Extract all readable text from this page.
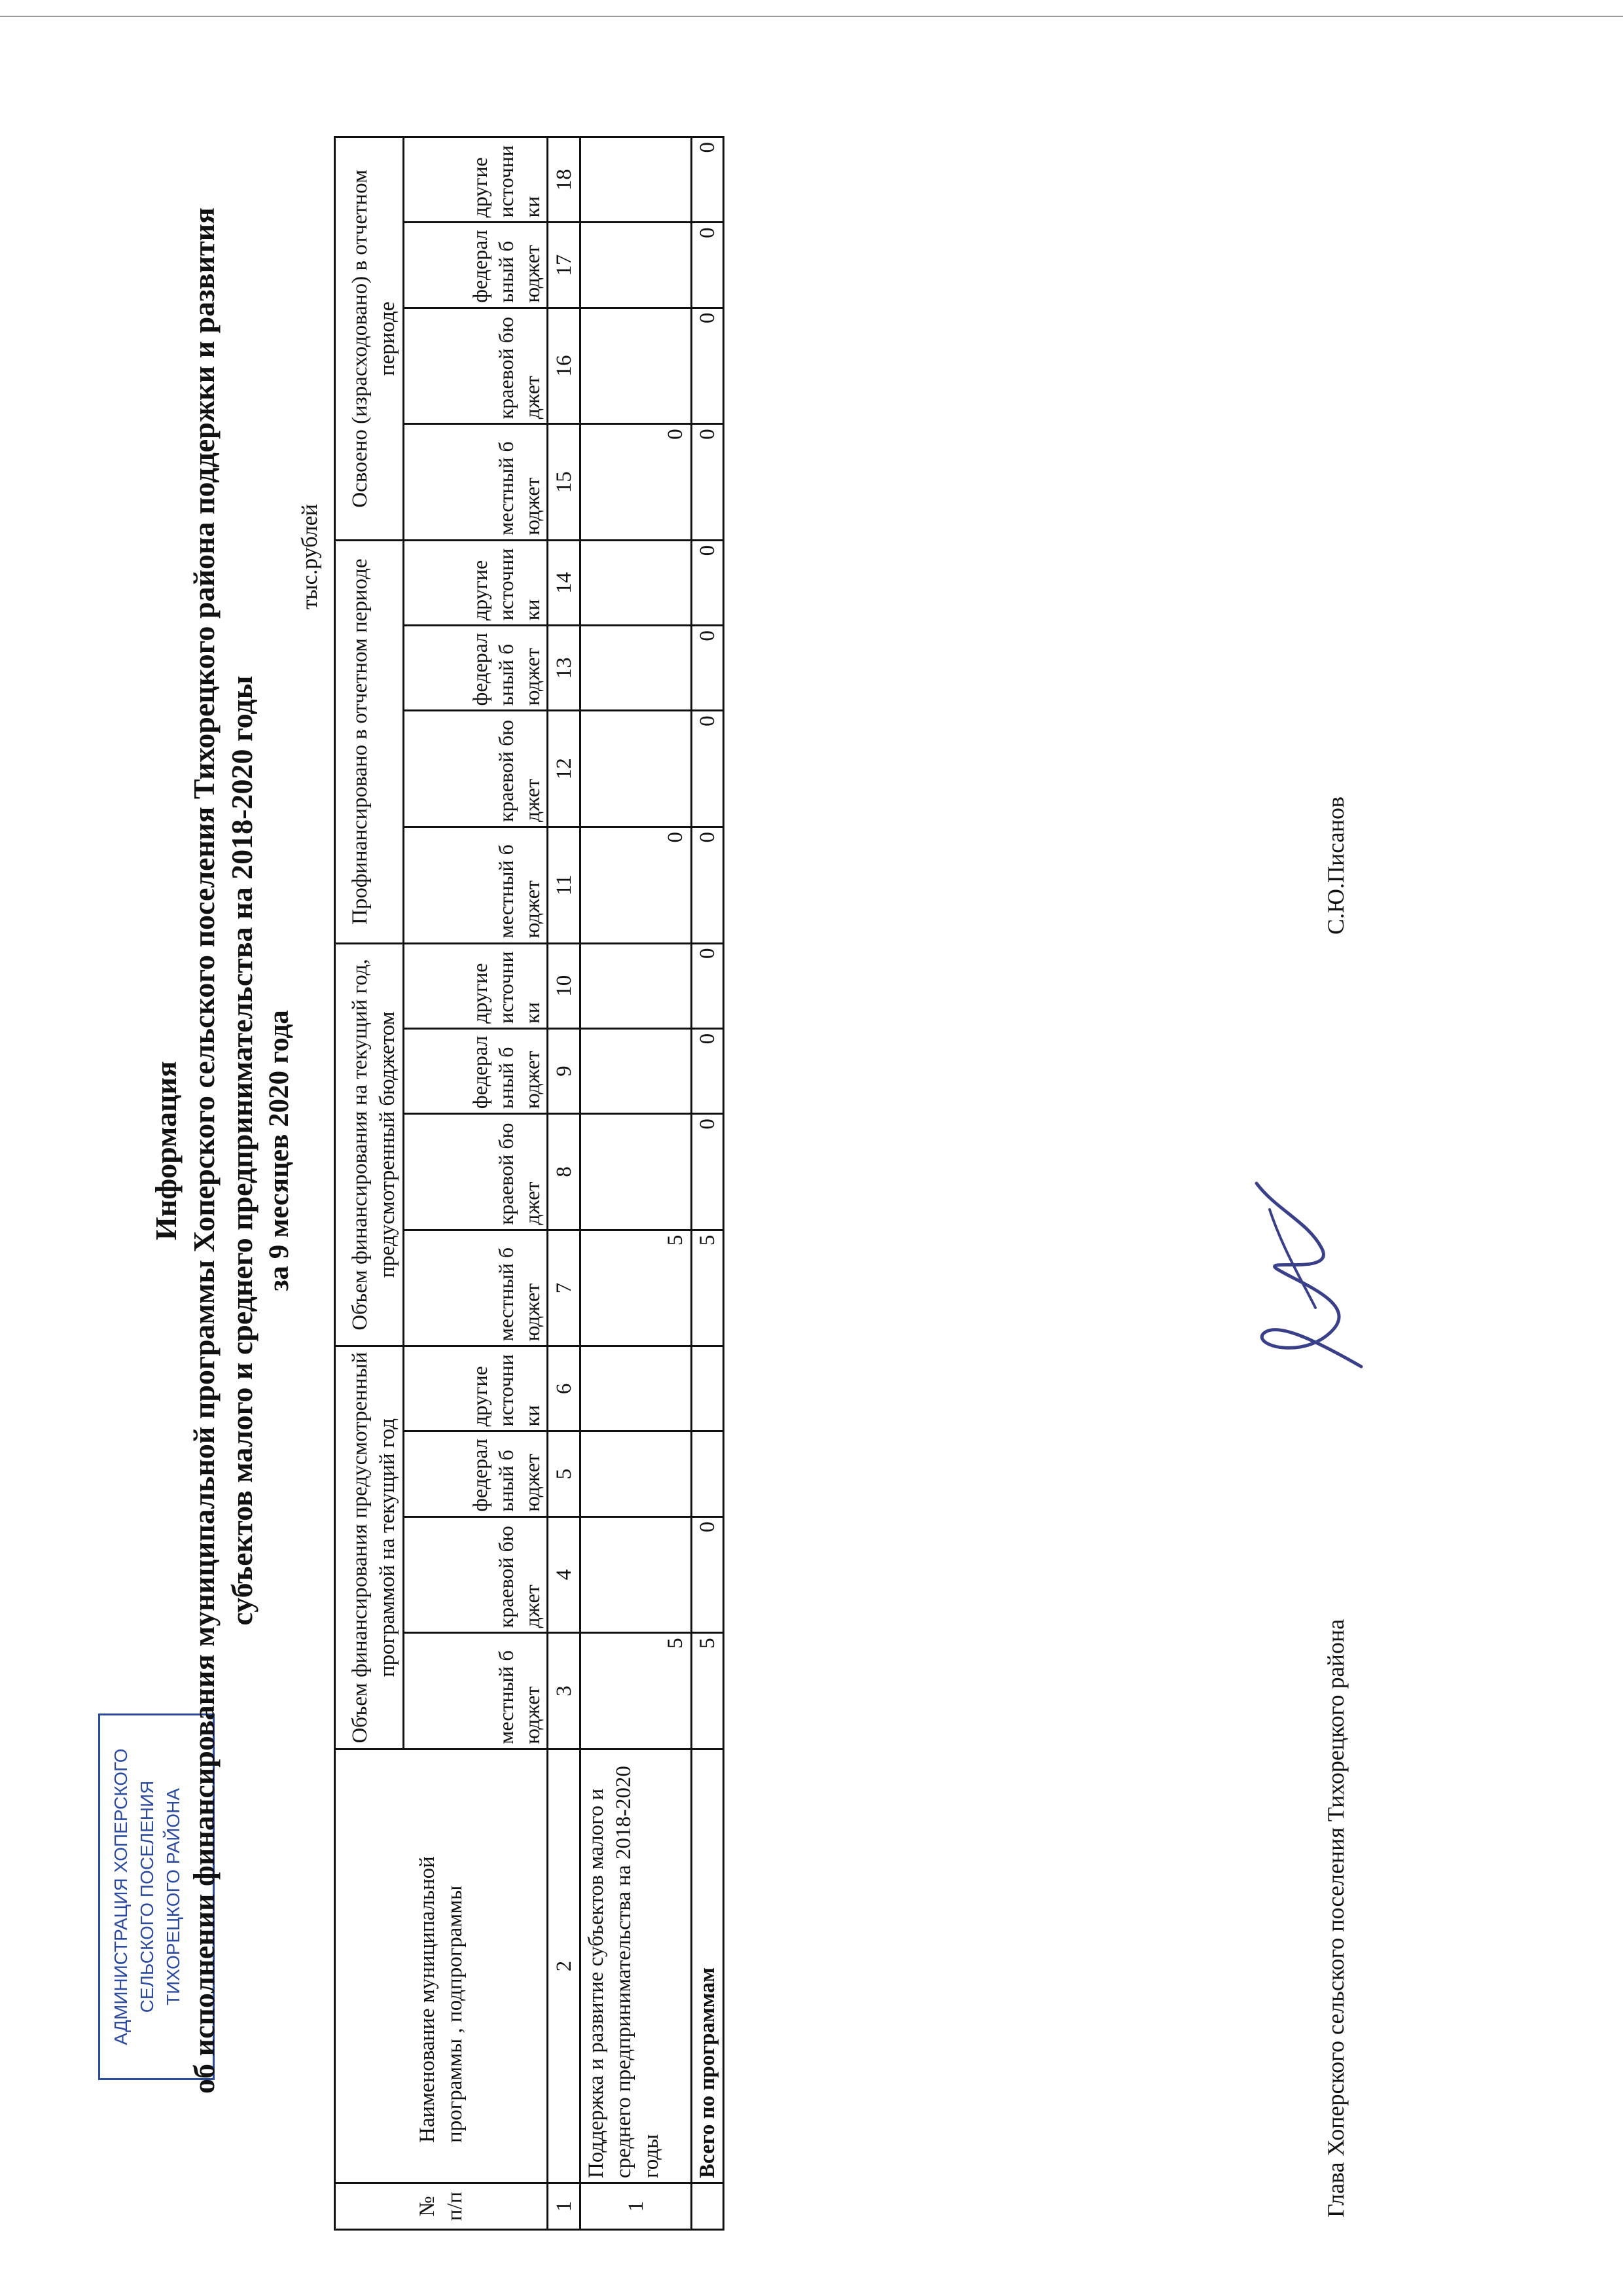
АДМИНИСТРАЦИЯ ХОПЕРСКОГО СЕЛЬСКОГО ПОСЕЛЕНИЯ ТИХОРЕЦКОГО РАЙОНА
Информация об исполнении финансирования муниципальной программы Хоперского сельского поселения Тихорецкого района поддержки и развития субъектов малого и среднего предпринимательства на 2018-2020 годы за 9 месяцев 2020 года
тыс.рублей
№ п/п	Наименование муниципальной программы , подпрограммы	Объем финансирования предусмотренный программой на текущий год				Объем финансирования на текущий год, предусмотренный бюджетом				Профинансировано в отчетном периоде				Освоено (израсходовано) в отчетном периоде			
		местный бюджет	краевой бюджет	федеральный бюджет	другие источники	местный бюджет	краевой бюджет	федеральный бюджет	другие источники	местный бюджет	краевой бюджет	федеральный бюджет	другие источники	местный бюджет	краевой бюджет	федеральный бюджет	другие источники
1	2	3	4	5	6	7	8	9	10	11	12	13	14	15	16	17	18
1	Поддержка и развитие субъектов малого и среднего предпринимательства на 2018-2020 годы	5				5				0				0			
	Всего по программам	5	0			5	0	0	0	0	0	0	0	0	0	0	0
Глава Хоперского сельского поселения Тихорецкого района
С.Ю.Писанов
